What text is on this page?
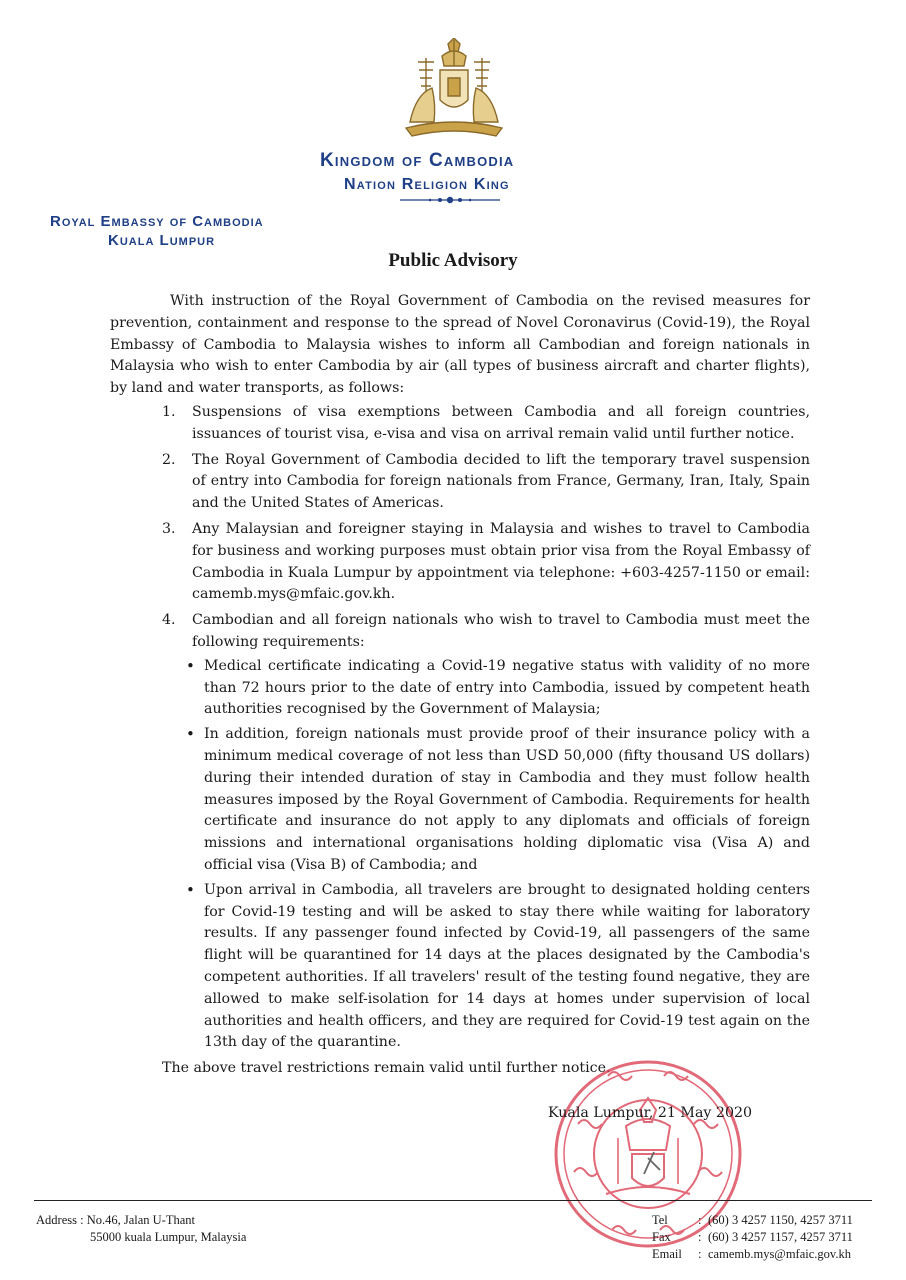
Kingdom of Cambodia
Nation Religion King
Royal Embassy of Cambodia
Kuala Lumpur
Public Advisory

With instruction of the Royal Government of Cambodia on the revised measures for prevention, containment and response to the spread of Novel Coronavirus (Covid-19), the Royal Embassy of Cambodia to Malaysia wishes to inform all Cambodian and foreign nationals in Malaysia who wish to enter Cambodia by air (all types of business aircraft and charter flights), by land and water transports, as follows:

1. Suspensions of visa exemptions between Cambodia and all foreign countries, issuances of tourist visa, e-visa and visa on arrival remain valid until further notice.
2. The Royal Government of Cambodia decided to lift the temporary travel suspension of entry into Cambodia for foreign nationals from France, Germany, Iran, Italy, Spain and the United States of Americas.
3. Any Malaysian and foreigner staying in Malaysia and wishes to travel to Cambodia for business and working purposes must obtain prior visa from the Royal Embassy of Cambodia in Kuala Lumpur by appointment via telephone: +603-4257-1150 or email: camemb.mys@mfaic.gov.kh.
4. Cambodian and all foreign nationals who wish to travel to Cambodia must meet the following requirements:
• Medical certificate indicating a Covid-19 negative status with validity of no more than 72 hours prior to the date of entry into Cambodia, issued by competent heath authorities recognised by the Government of Malaysia;
• In addition, foreign nationals must provide proof of their insurance policy with a minimum medical coverage of not less than USD 50,000 (fifty thousand US dollars) during their intended duration of stay in Cambodia and they must follow health measures imposed by the Royal Government of Cambodia. Requirements for health certificate and insurance do not apply to any diplomats and officials of foreign missions and international organisations holding diplomatic visa (Visa A) and official visa (Visa B) of Cambodia; and
• Upon arrival in Cambodia, all travelers are brought to designated holding centers for Covid-19 testing and will be asked to stay there while waiting for laboratory results. If any passenger found infected by Covid-19, all passengers of the same flight will be quarantined for 14 days at the places designated by the Cambodia's competent authorities. If all travelers' result of the testing found negative, they are allowed to make self-isolation for 14 days at homes under supervision of local authorities and health officers, and they are required for Covid-19 test again on the 13th day of the quarantine.

The above travel restrictions remain valid until further notice.

Kuala Lumpur, 21 May 2020
Address : No.46, Jalan U-Thant
55000 kuala Lumpur, Malaysia
Tel	: (60) 3 4257 1150, 4257 3711
Fax	: (60) 3 4257 1157, 4257 3711
Email	: camemb.mys@mfaic.gov.kh
